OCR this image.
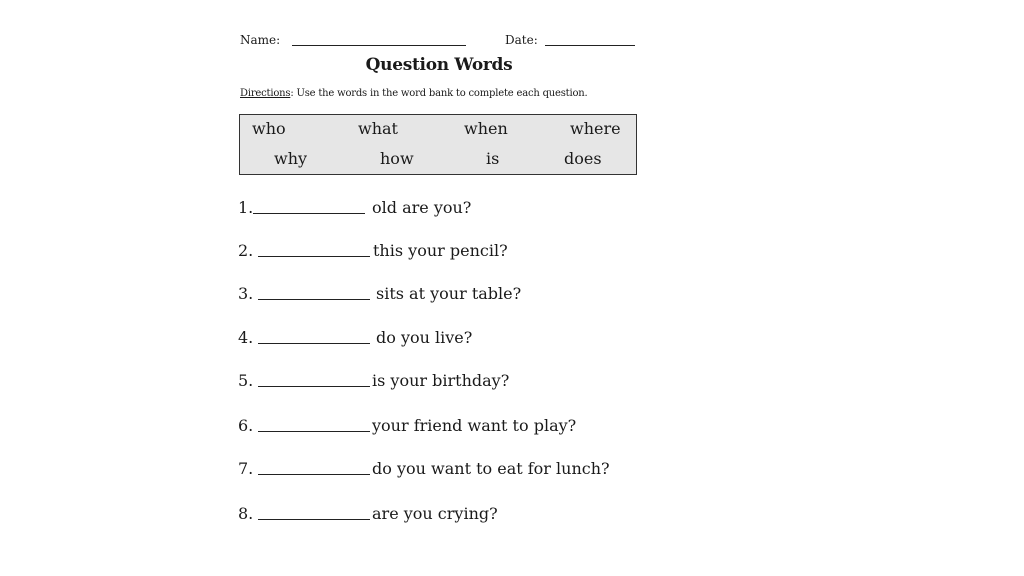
Name:	Date:
Question Words
Directions: Use the words in the word bank to complete each question.
who	what	when	where
why	how	is	does
1.	old are you?
2.	this your pencil?
3.	sits at your table?
4.	do you live?
5.	is your birthday?
6.	your friend want to play?
7.	do you want to eat for lunch?
8.	are you crying?
